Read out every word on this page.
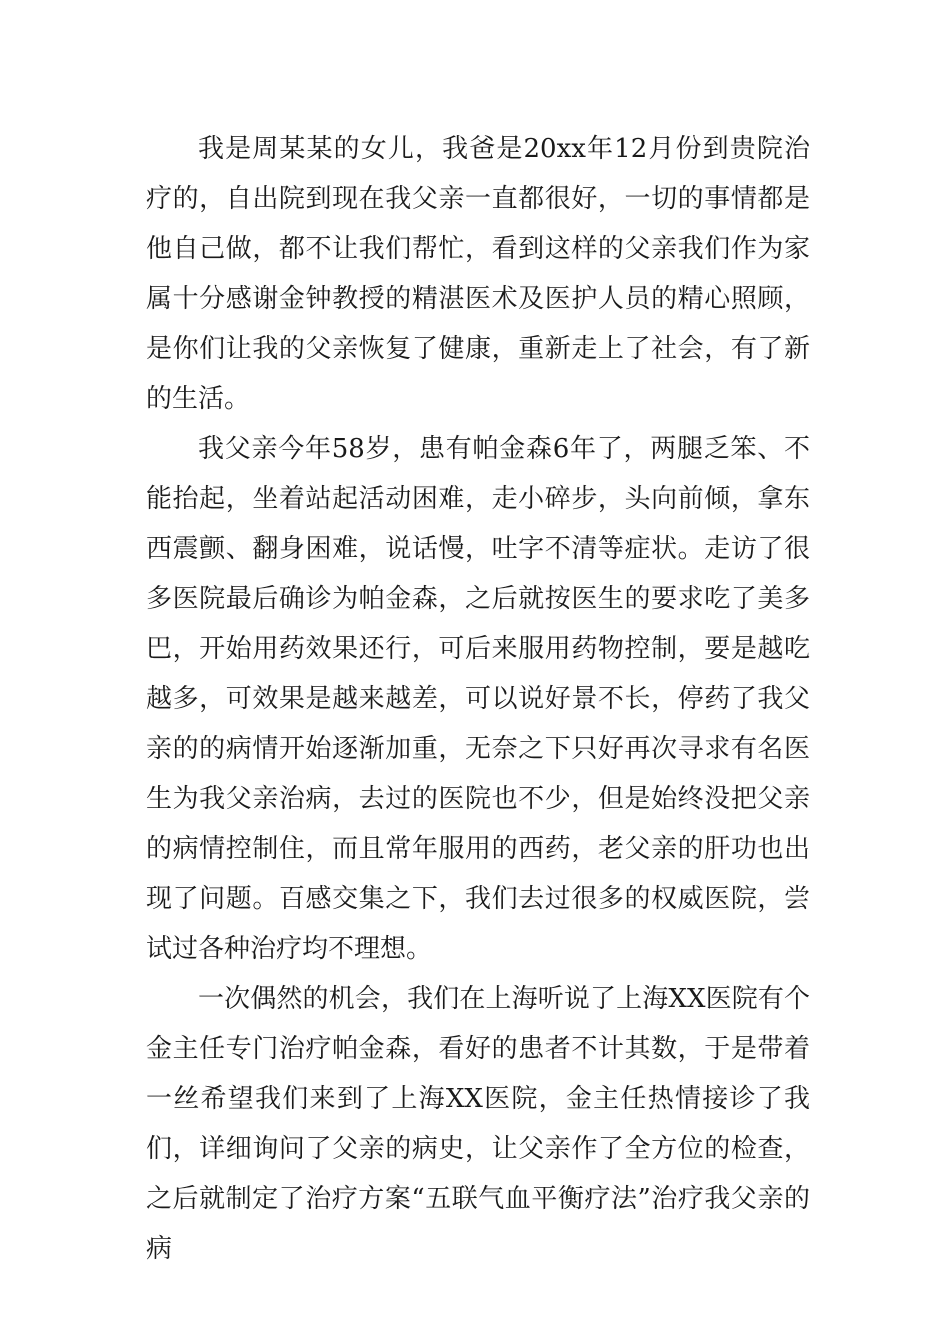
我是周某某的女儿，我爸是20xx年12月份到贵院治疗的，自出院到现在我父亲一直都很好，一切的事情都是他自己做，都不让我们帮忙，看到这样的父亲我们作为家属十分感谢金钟教授的精湛医术及医护人员的精心照顾，是你们让我的父亲恢复了健康，重新走上了社会，有了新的生活。

我父亲今年58岁，患有帕金森6年了，两腿乏笨、不能抬起，坐着站起活动困难，走小碎步，头向前倾，拿东西震颤、翻身困难，说话慢，吐字不清等症状。走访了很多医院最后确诊为帕金森，之后就按医生的要求吃了美多巴，开始用药效果还行，可后来服用药物控制，要是越吃越多，可效果是越来越差，可以说好景不长，停药了我父亲的的病情开始逐渐加重，无奈之下只好再次寻求有名医生为我父亲治病，去过的医院也不少，但是始终没把父亲的病情控制住，而且常年服用的西药，老父亲的肝功也出现了问题。百感交集之下，我们去过很多的权威医院，尝试过各种治疗均不理想。

一次偶然的机会，我们在上海听说了上海XX医院有个金主任专门治疗帕金森，看好的患者不计其数，于是带着一丝希望我们来到了上海XX医院，金主任热情接诊了我们，详细询问了父亲的病史，让父亲作了全方位的检查，之后就制定了治疗方案“五联气血平衡疗法”治疗我父亲的病
